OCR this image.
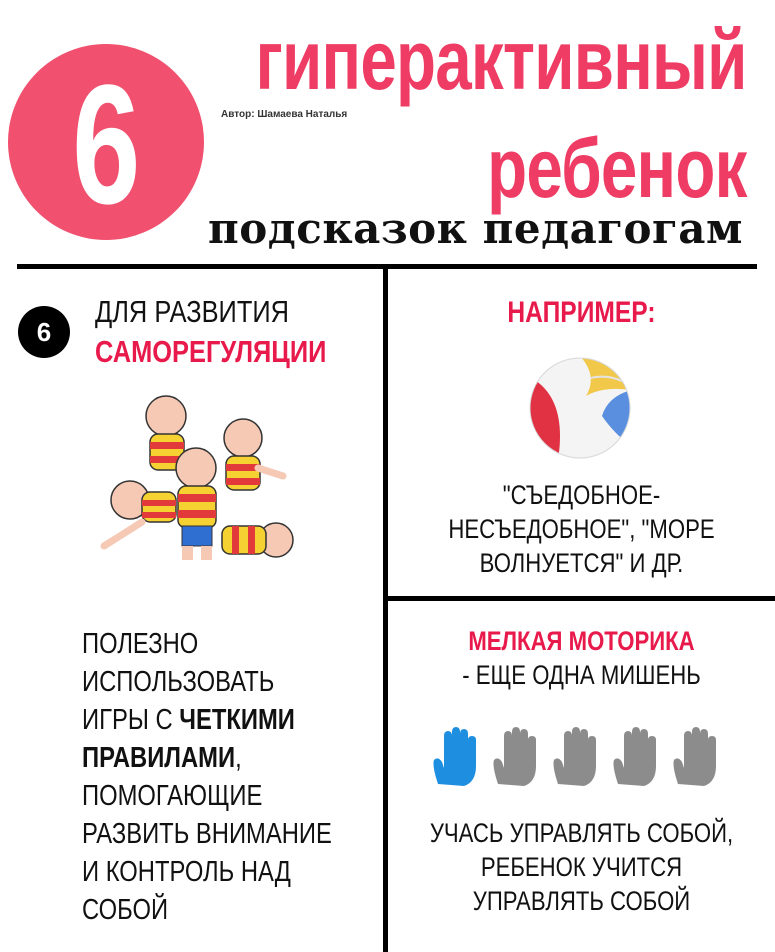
6 гиперактивный
Автор: Шамаева Наталья
ребенок
подсказок педагогам
6
ДЛЯ РАЗВИТИЯ
САМОРЕГУЛЯЦИИ
ПОЛЕЗНО
ИСПОЛЬЗОВАТЬ
ИГРЫ С ЧЕТКИМИ
ПРАВИЛАМИ,
ПОМОГАЮЩИЕ
РАЗВИТЬ ВНИМАНИЕ
И КОНТРОЛЬ НАД
СОБОЙ
НАПРИМЕР:
"СЪЕДОБНОЕ-
НЕСЪЕДОБНОЕ", "МОРЕ
ВОЛНУЕТСЯ" И ДР.
МЕЛКАЯ МОТОРИКА
- ЕЩЕ ОДНА МИШЕНЬ
УЧАСЬ УПРАВЛЯТЬ СОБОЙ,
РЕБЕНОК УЧИТСЯ
УПРАВЛЯТЬ СОБОЙ
